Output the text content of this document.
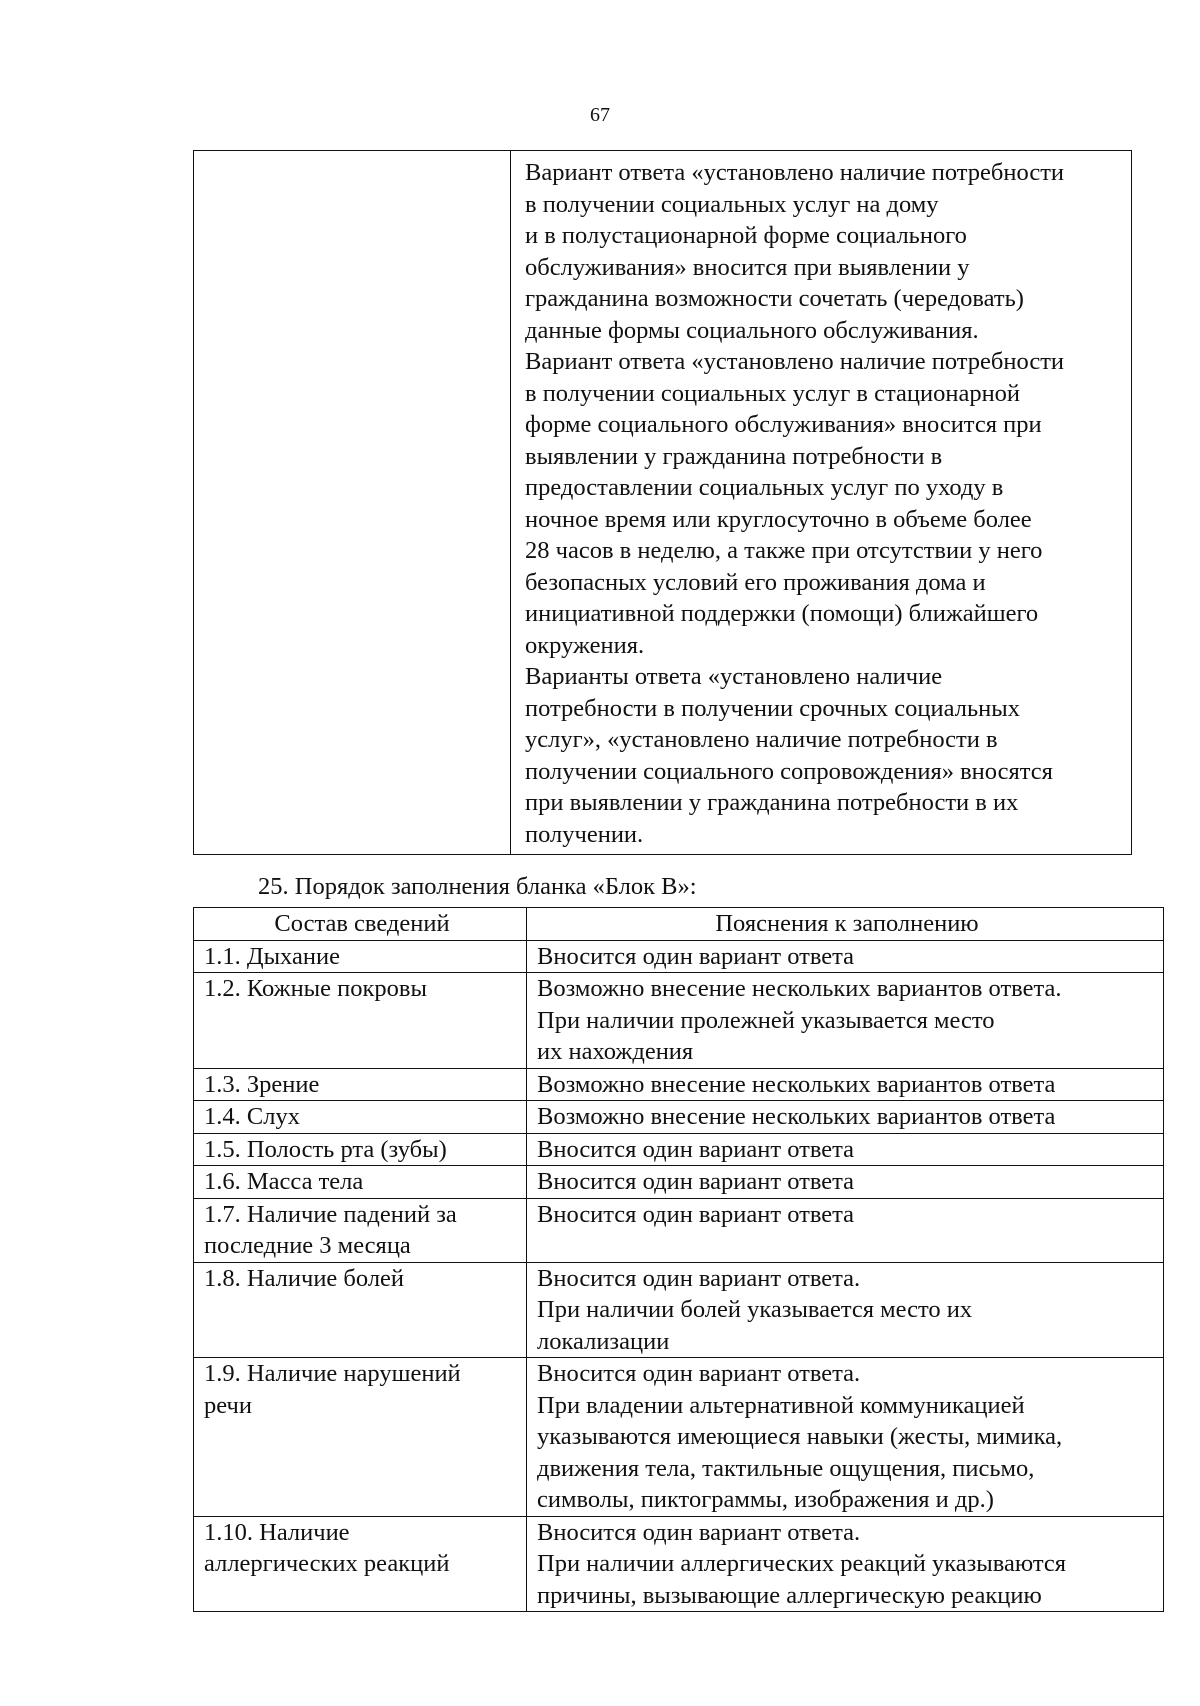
67

Вариант ответа «установлено наличие потребности
в получении социальных услуг на дому
и в полустационарной форме социального
обслуживания» вносится при выявлении у
гражданина возможности сочетать (чередовать)
данные формы социального обслуживания.
Вариант ответа «установлено наличие потребности
в получении социальных услуг в стационарной
форме социального обслуживания» вносится при
выявлении у гражданина потребности в
предоставлении социальных услуг по уходу в
ночное время или круглосуточно в объеме более
28 часов в неделю, а также при отсутствии у него
безопасных условий его проживания дома и
инициативной поддержки (помощи) ближайшего
окружения.
Варианты ответа «установлено наличие
потребности в получении срочных социальных
услуг», «установлено наличие потребности в
получении социального сопровождения» вносятся
при выявлении у гражданина потребности в их
получении.
25. Порядок заполнения бланка «Блок В»:
Состав сведений	Пояснения к заполнению

1.1. Дыхание	Вносится один вариант ответа

1.2. Кожные покровы	Возможно внесение нескольких вариантов ответа.
При наличии пролежней указывается место
их нахождения

1.3. Зрение	Возможно внесение нескольких вариантов ответа

1.4. Слух	Возможно внесение нескольких вариантов ответа

1.5. Полость рта (зубы)	Вносится один вариант ответа

1.6. Масса тела	Вносится один вариант ответа

1.7. Наличие падений за
последние 3 месяца	Вносится один вариант ответа

1.8. Наличие болей	Вносится один вариант ответа.
При наличии болей указывается место их
локализации

1.9. Наличие нарушений
речи	Вносится один вариант ответа.
При владении альтернативной коммуникацией
указываются имеющиеся навыки (жесты, мимика,
движения тела, тактильные ощущения, письмо,
символы, пиктограммы, изображения и др.)

1.10. Наличие
аллергических реакций	Вносится один вариант ответа.
При наличии аллергических реакций указываются
причины, вызывающие аллергическую реакцию
